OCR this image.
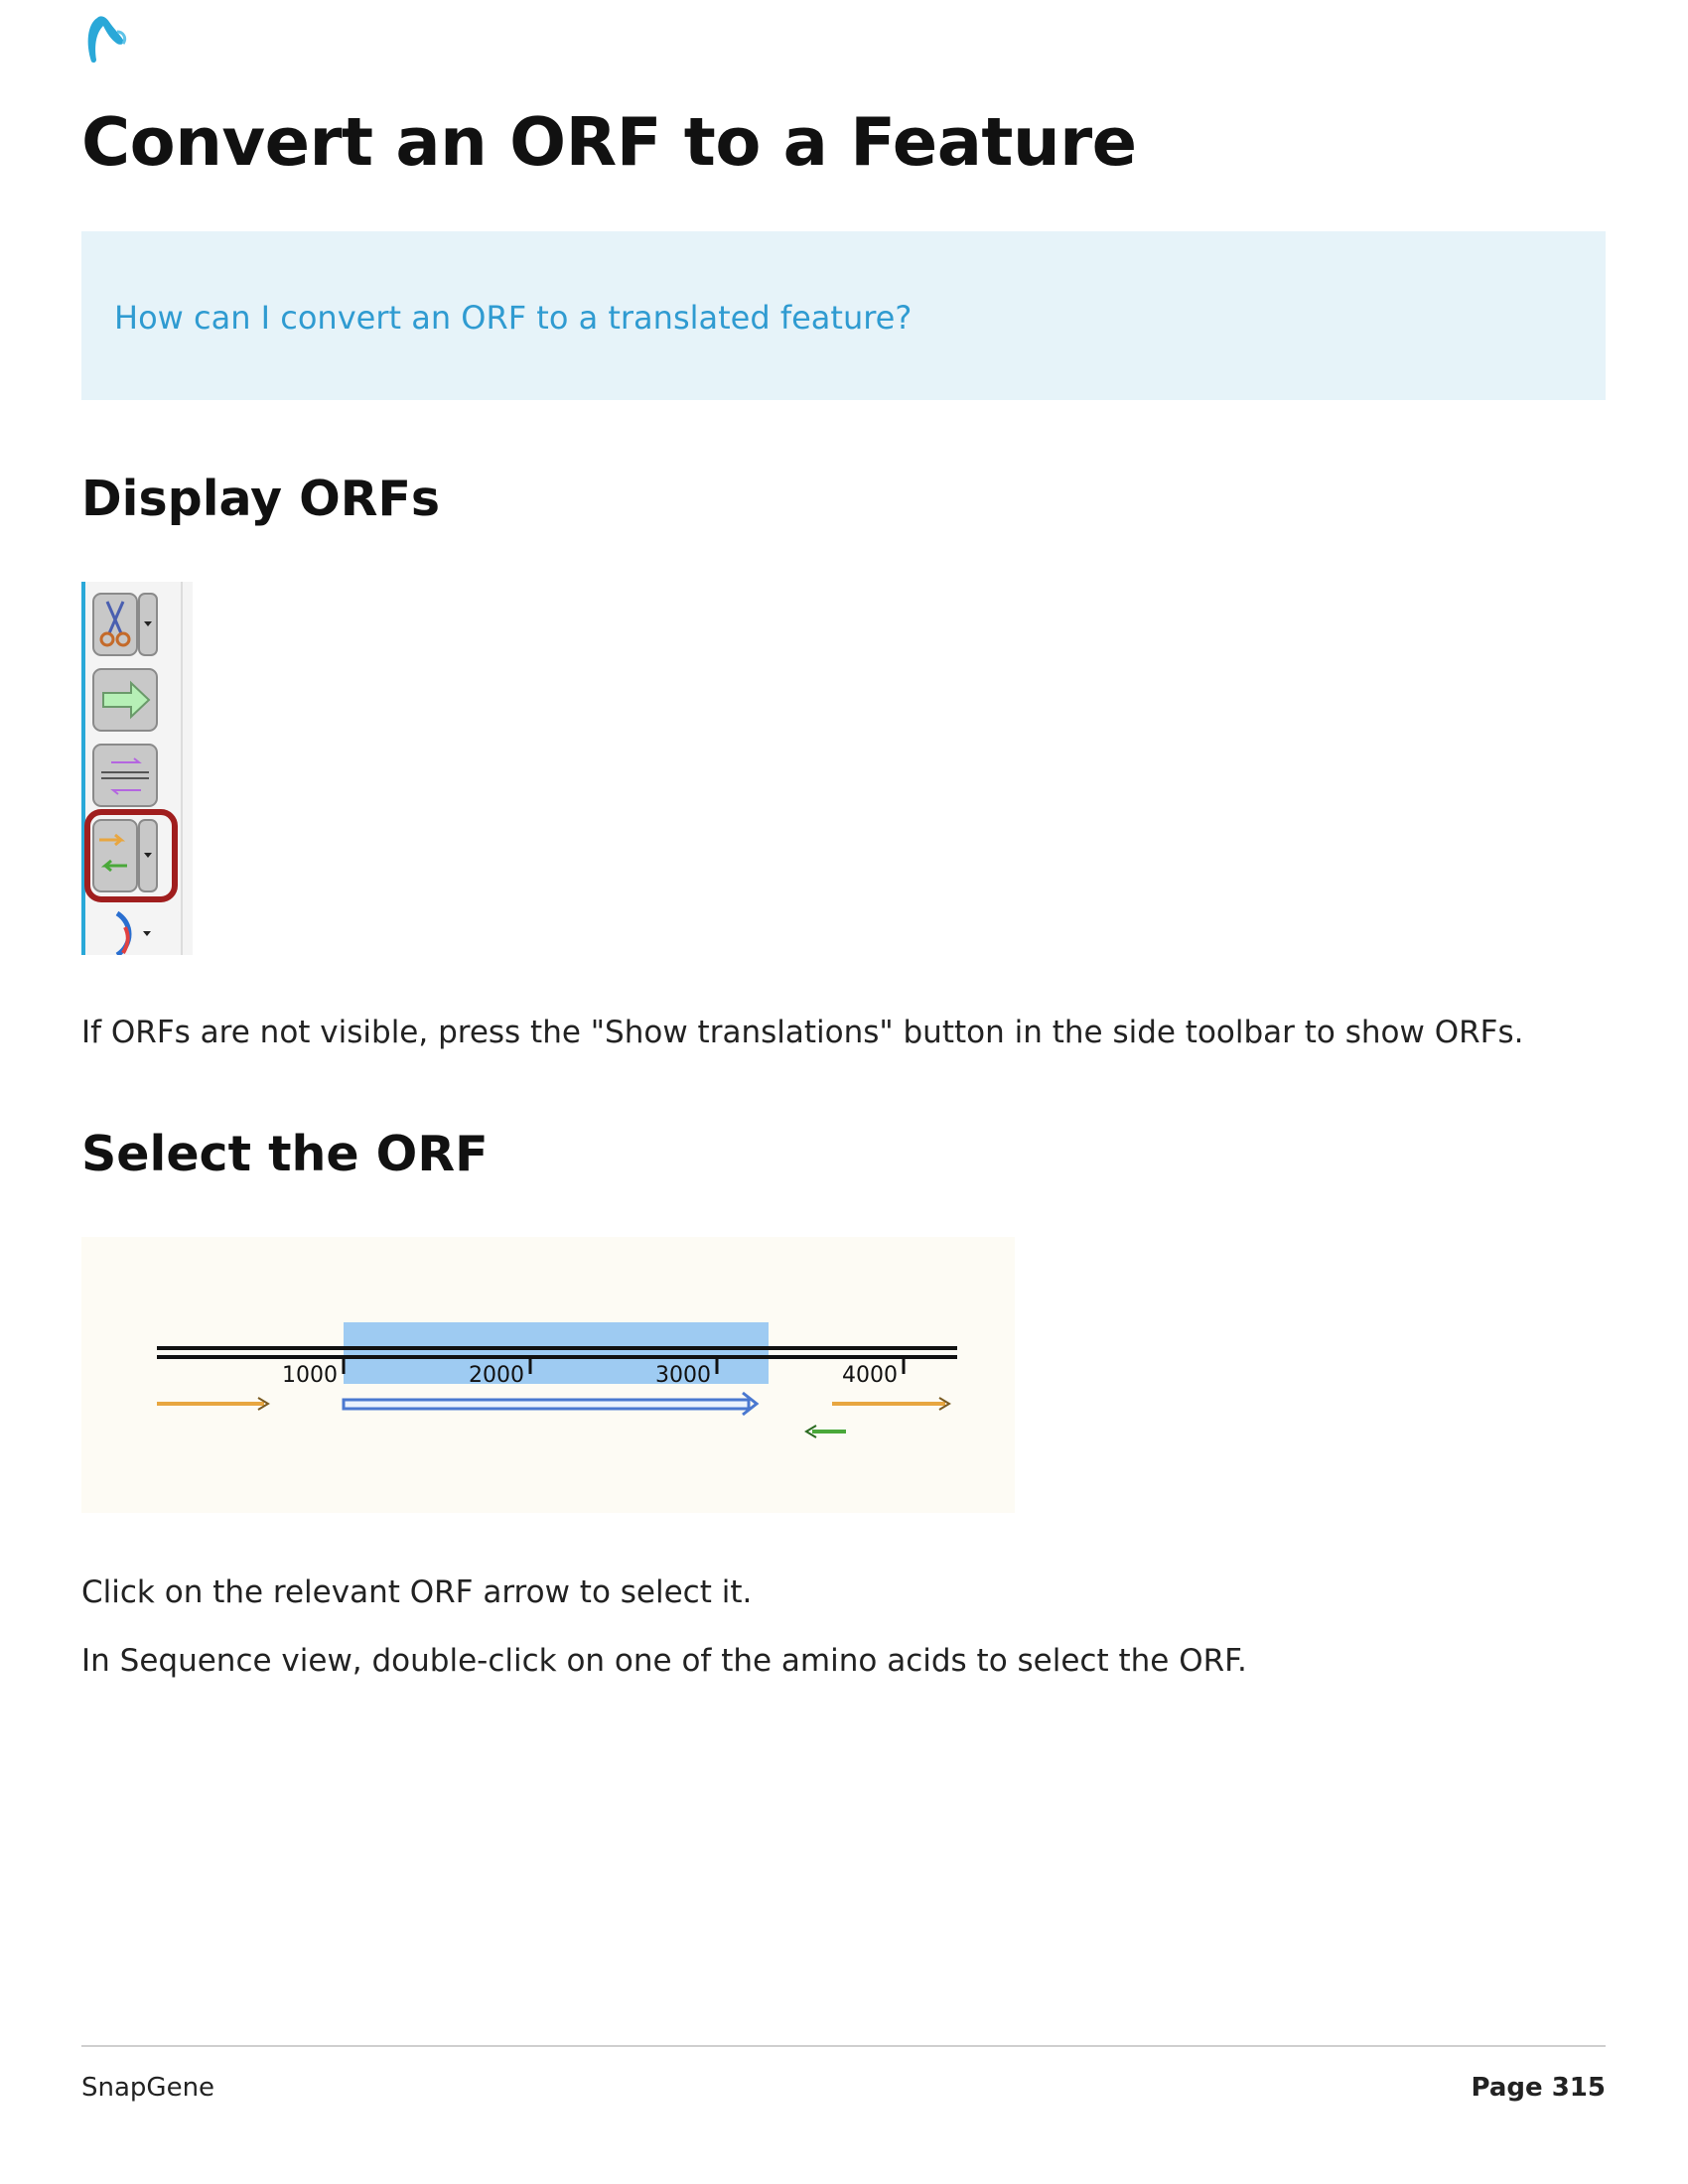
Convert an ORF to a Feature
How can I convert an ORF to a translated feature?
Display ORFs

If ORFs are not visible, press the "Show translations" button in the side toolbar to show ORFs.

Select the ORF
1000	2000	3000	4000

Click on the relevant ORF arrow to select it.

In Sequence view, double-click on one of the amino acids to select the ORF.

SnapGene	Page 315
